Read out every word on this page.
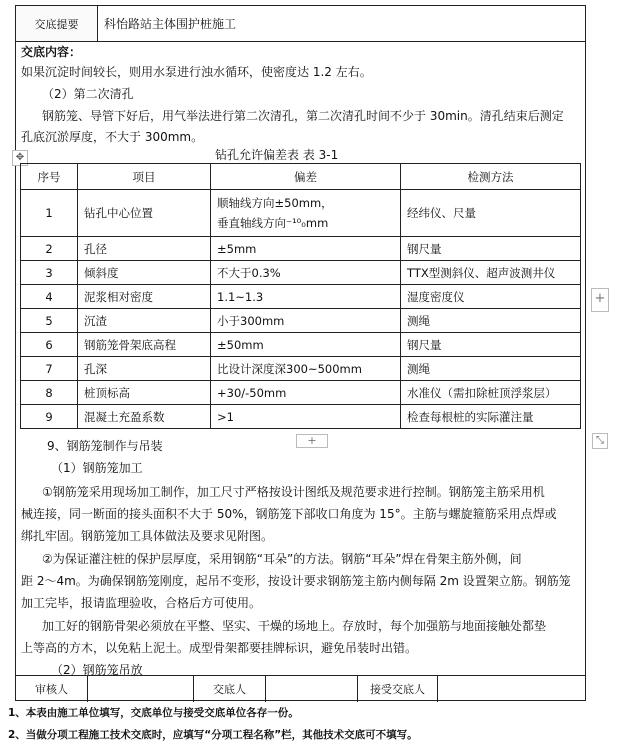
交底提要	科怡路站主体围护桩施工
交底内容：
如果沉淀时间较长，则用水泵进行浊水循环，使密度达 1.2 左右。
（2）第二次清孔
钢筋笼、导管下好后，用气举法进行第二次清孔，第二次清孔时间不少于 30min。清孔结束后测定
孔底沉淤厚度，不大于 300mm。
9、钢筋笼制作与吊装
（1）钢筋笼加工
①钢筋笼采用现场加工制作，加工尺寸严格按设计图纸及规范要求进行控制。钢筋笼主筋采用机
械连接，同一断面的接头面积不大于 50%，钢筋笼下部收口角度为 15°。主筋与螺旋箍筋采用点焊或
绑扎牢固。钢筋笼加工具体做法及要求见附图。
②为保证灌注桩的保护层厚度，采用钢筋“耳朵”的方法。钢筋“耳朵”焊在骨架主筋外侧，间
距 2～4m。为确保钢筋笼刚度，起吊不变形，按设计要求钢筋笼主筋内侧每隔 2m 设置架立筋。钢筋笼
加工完毕，报请监理验收，合格后方可使用。
加工好的钢筋骨架必须放在平整、坚实、干燥的场地上。存放时，每个加强筋与地面接触处都垫
上等高的方木，以免粘上泥土。成型骨架都要挂牌标识，避免吊装时出错。
（2）钢筋笼吊放
审核人	交底人	接受交底人
钻孔允许偏差表 表 3-1
✥
序号	项目	偏差	检测方法
1	钻孔中心位置	顺轴线方向±50mm，
垂直轴线方向⁻¹⁰₀mm	经纬仪、尺量
2	孔径	±5mm	钢尺量
3	倾斜度	不大于0.3%	TTX型测斜仪、超声波测井仪
4	泥浆相对密度	1.1~1.3	湿度密度仪
5	沉渣	小于300mm	测绳
6	钢筋笼骨架底高程	±50mm	钢尺量
7	孔深	比设计深度深300~500mm	测绳
8	桩顶标高	+30/-50mm	水准仪（需扣除桩顶浮浆层）
9	混凝土充盈系数	>1	检查每根桩的实际灌注量
+
+	⤡
1、本表由施工单位填写，交底单位与接受交底单位各存一份。
2、当做分项工程施工技术交底时，应填写“分项工程名称”栏，其他技术交底可不填写。
